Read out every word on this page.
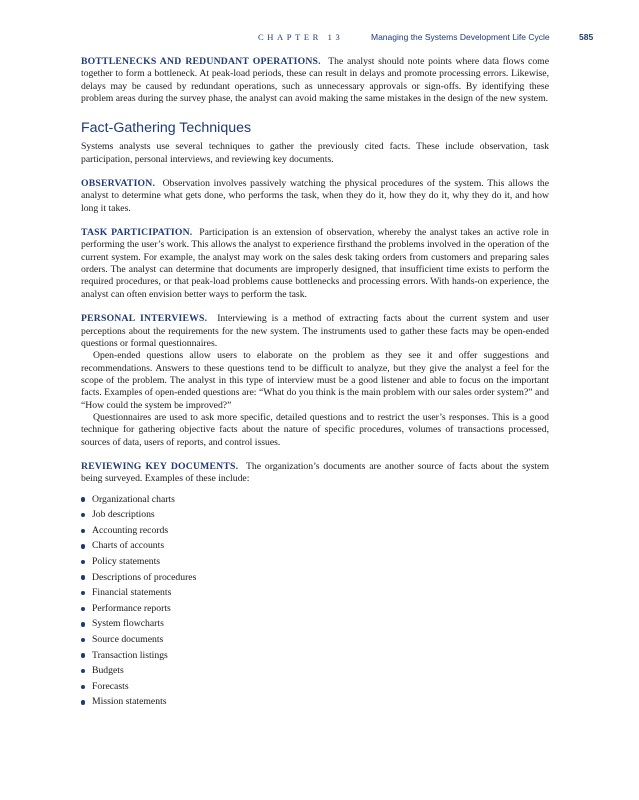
CHAPTER 13	Managing the Systems Development Life Cycle	585

BOTTLENECKS AND REDUNDANT OPERATIONS. The analyst should note points where data flows come together to form a bottleneck. At peak-load periods, these can result in delays and promote processing errors. Likewise, delays may be caused by redundant operations, such as unnecessary approvals or sign-offs. By identifying these problem areas during the survey phase, the analyst can avoid making the same mistakes in the design of the new system.

Fact-Gathering Techniques

Systems analysts use several techniques to gather the previously cited facts. These include observation, task participation, personal interviews, and reviewing key documents.

OBSERVATION. Observation involves passively watching the physical procedures of the system. This allows the analyst to determine what gets done, who performs the task, when they do it, how they do it, why they do it, and how long it takes.

TASK PARTICIPATION. Participation is an extension of observation, whereby the analyst takes an active role in performing the user’s work. This allows the analyst to experience firsthand the problems involved in the operation of the current system. For example, the analyst may work on the sales desk taking orders from customers and preparing sales orders. The analyst can determine that documents are improperly designed, that insufficient time exists to perform the required procedures, or that peak-load problems cause bottlenecks and processing errors. With hands-on experience, the analyst can often envision better ways to perform the task.

PERSONAL INTERVIEWS. Interviewing is a method of extracting facts about the current system and user perceptions about the requirements for the new system. The instruments used to gather these facts may be open-ended questions or formal questionnaires.

Open-ended questions allow users to elaborate on the problem as they see it and offer suggestions and recommendations. Answers to these questions tend to be difficult to analyze, but they give the analyst a feel for the scope of the problem. The analyst in this type of interview must be a good listener and able to focus on the important facts. Examples of open-ended questions are: “What do you think is the main problem with our sales order system?” and “How could the system be improved?”

Questionnaires are used to ask more specific, detailed questions and to restrict the user’s responses. This is a good technique for gathering objective facts about the nature of specific procedures, volumes of transactions processed, sources of data, users of reports, and control issues.

REVIEWING KEY DOCUMENTS. The organization’s documents are another source of facts about the system being surveyed. Examples of these include:

Organizational charts
Job descriptions
Accounting records
Charts of accounts
Policy statements
Descriptions of procedures
Financial statements
Performance reports
System flowcharts
Source documents
Transaction listings
Budgets
Forecasts
Mission statements
